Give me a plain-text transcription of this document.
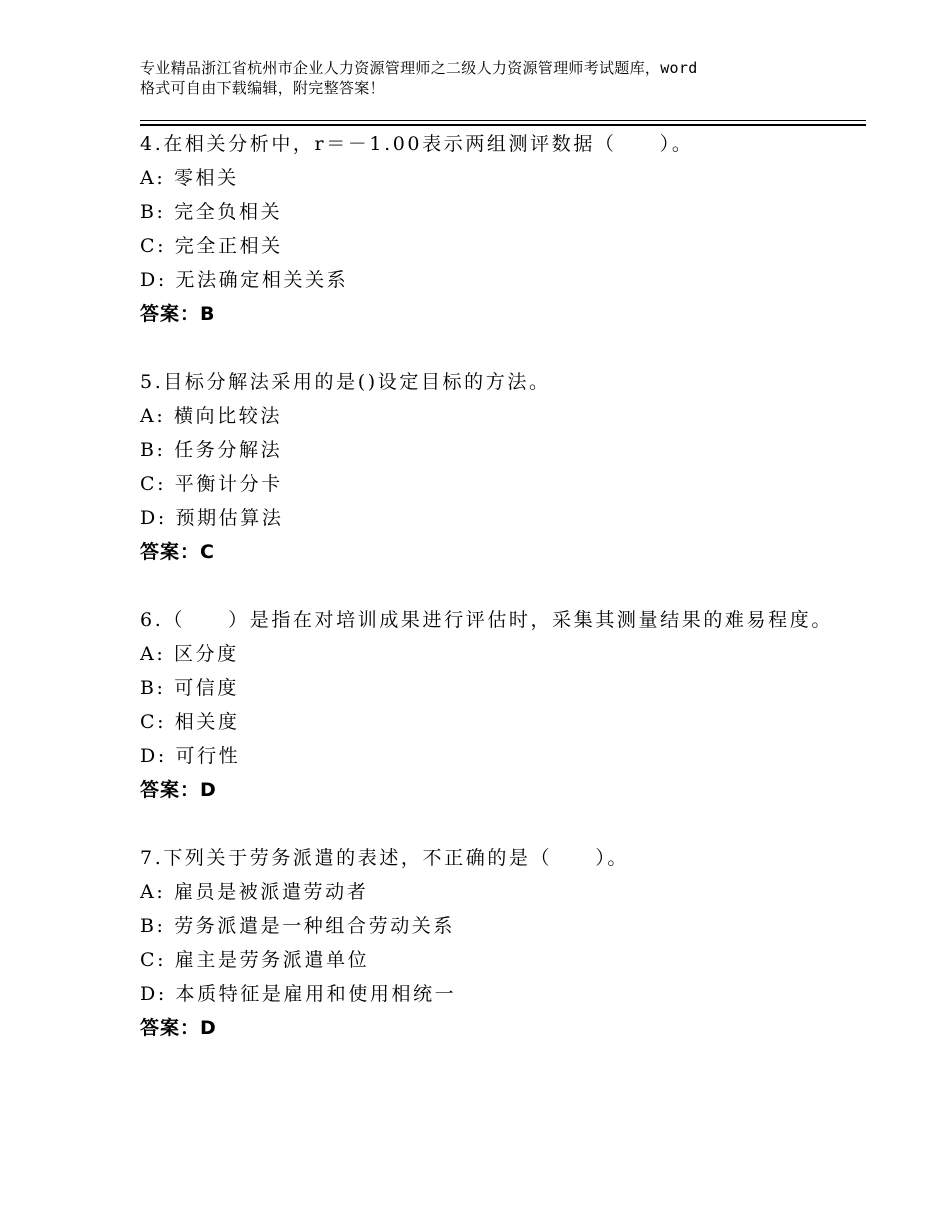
专业精品浙江省杭州市企业人力资源管理师之二级人力资源管理师考试题库，word
格式可自由下载编辑，附完整答案！
4.在相关分析中，r＝－1.00表示两组测评数据（　　）。
A: 零相关
B: 完全负相关
C: 完全正相关
D: 无法确定相关关系
答案：B
5.目标分解法采用的是()设定目标的方法。
A: 横向比较法
B: 任务分解法
C: 平衡计分卡
D: 预期估算法
答案：C
6.（　　）是指在对培训成果进行评估时，采集其测量结果的难易程度。
A: 区分度
B: 可信度
C: 相关度
D: 可行性
答案：D
7.下列关于劳务派遣的表述，不正确的是（　　）。
A: 雇员是被派遣劳动者
B: 劳务派遣是一种组合劳动关系
C: 雇主是劳务派遣单位
D: 本质特征是雇用和使用相统一
答案：D
